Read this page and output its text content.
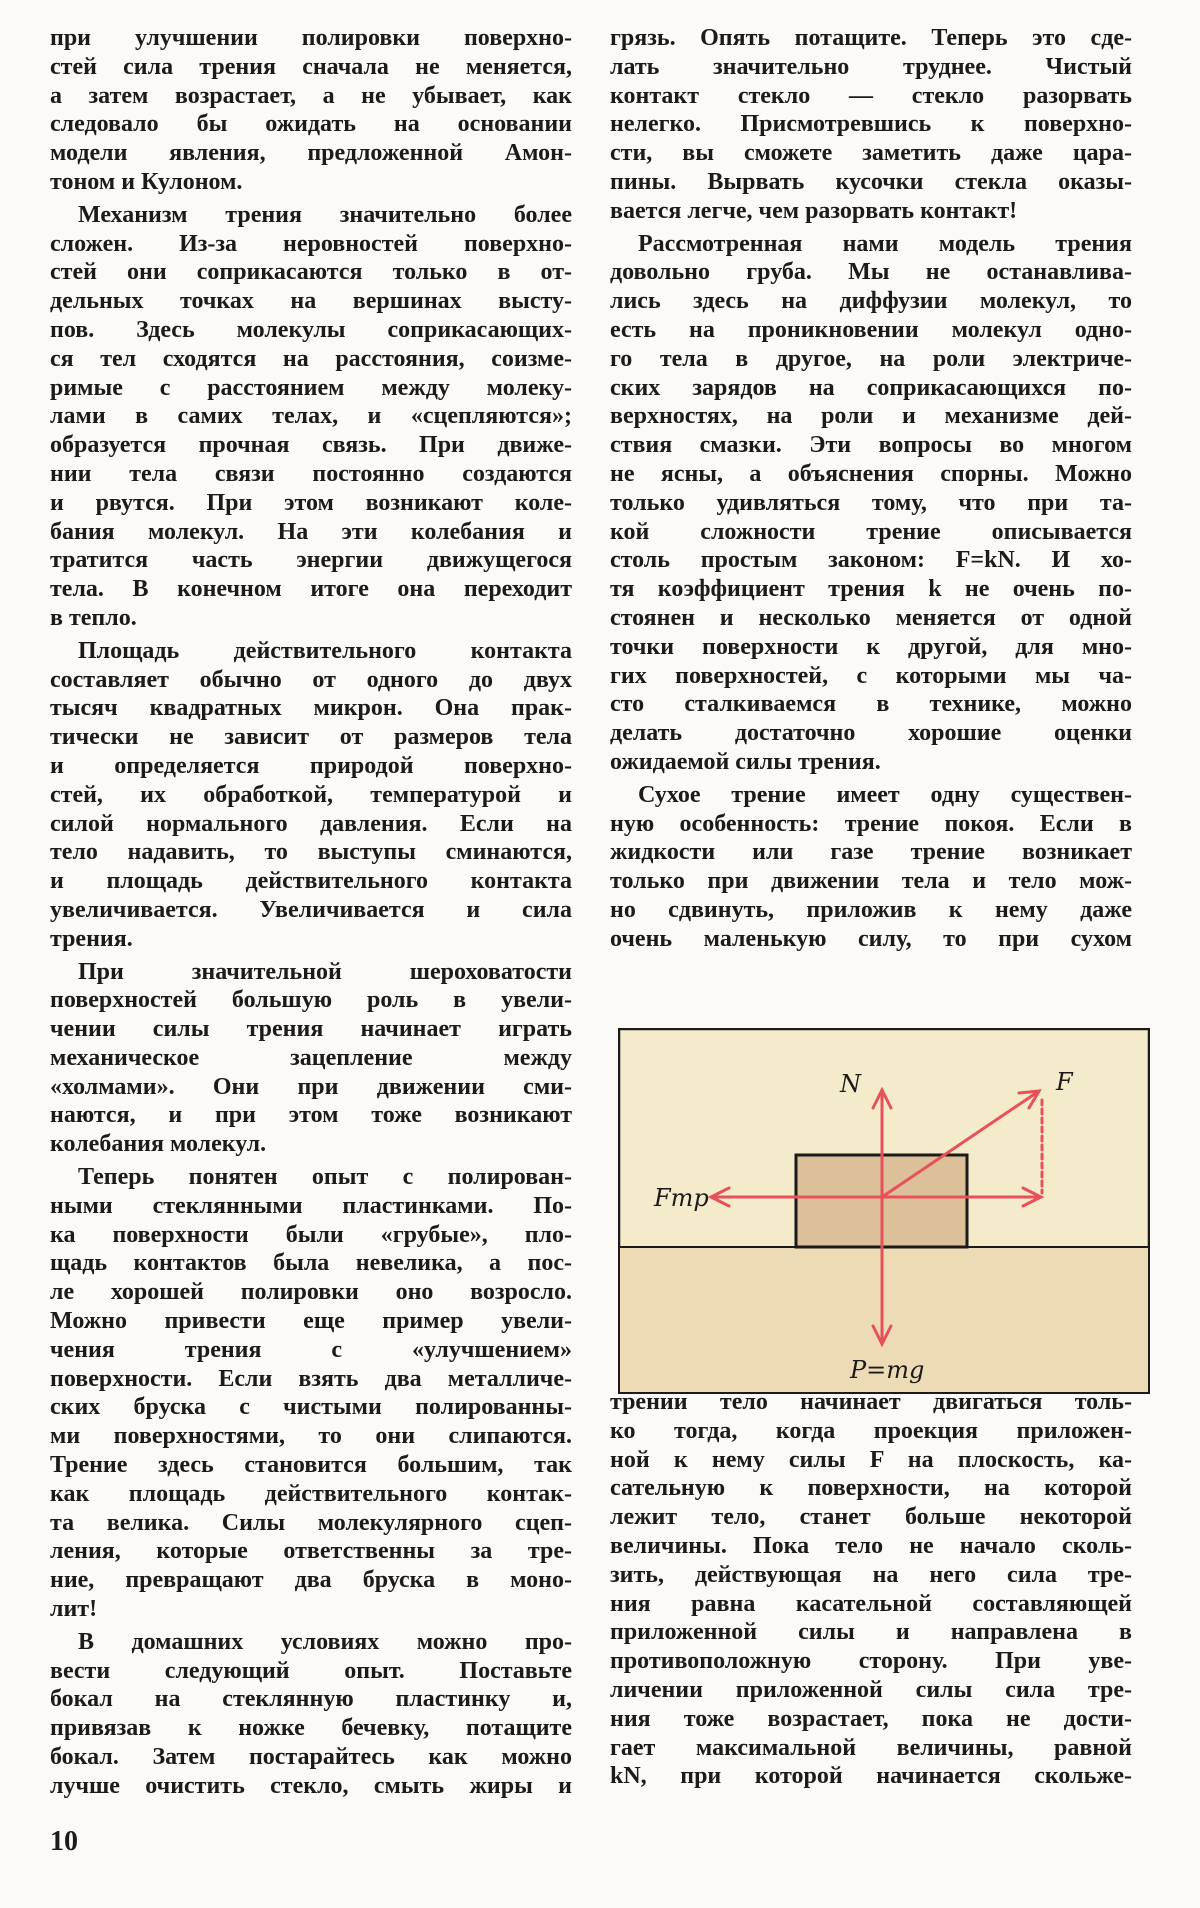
при улучшении полировки поверхно-
стей сила трения сначала не меняется,
а затем возрастает, а не убывает, как
следовало бы ожидать на основании
модели явления, предложенной Амон-
тоном и Кулоном.
Механизм трения значительно более
сложен. Из-за неровностей поверхно-
стей они соприкасаются только в от-
дельных точках на вершинах высту-
пов. Здесь молекулы соприкасающих-
ся тел сходятся на расстояния, соизме-
римые с расстоянием между молеку-
лами в самих телах, и «сцепляются»;
образуется прочная связь. При движе-
нии тела связи постоянно создаются
и рвутся. При этом возникают коле-
бания молекул. На эти колебания и
тратится часть энергии движущегося
тела. В конечном итоге она переходит
в тепло.
Площадь действительного контакта
составляет обычно от одного до двух
тысяч квадратных микрон. Она прак-
тически не зависит от размеров тела
и определяется природой поверхно-
стей, их обработкой, температурой и
силой нормального давления. Если на
тело надавить, то выступы сминаются,
и площадь действительного контакта
увеличивается. Увеличивается и сила
трения.
При значительной шероховатости
поверхностей большую роль в увели-
чении силы трения начинает играть
механическое зацепление между
«холмами». Они при движении сми-
наются, и при этом тоже возникают
колебания молекул.
Теперь понятен опыт с полирован-
ными стеклянными пластинками. По-
ка поверхности были «грубые», пло-
щадь контактов была невелика, а пос-
ле хорошей полировки оно возросло.
Можно привести еще пример увели-
чения трения с «улучшением»
поверхности. Если взять два металличе-
ских бруска с чистыми полированны-
ми поверхностями, то они слипаются.
Трение здесь становится большим, так
как площадь действительного контак-
та велика. Силы молекулярного сцеп-
ления, которые ответственны за тре-
ние, превращают два бруска в моно-
лит!
В домашних условиях можно про-
вести следующий опыт. Поставьте
бокал на стеклянную пластинку и,
привязав к ножке бечевку, потащите
бокал. Затем постарайтесь как можно
лучше очистить стекло, смыть жиры и
грязь. Опять потащите. Теперь это сде-
лать значительно труднее. Чистый
контакт стекло — стекло разорвать
нелегко. Присмотревшись к поверхно-
сти, вы сможете заметить даже цара-
пины. Вырвать кусочки стекла оказы-
вается легче, чем разорвать контакт!
Рассмотренная нами модель трения
довольно груба. Мы не останавлива-
лись здесь на диффузии молекул, то
есть на проникновении молекул одно-
го тела в другое, на роли электриче-
ских зарядов на соприкасающихся по-
верхностях, на роли и механизме дей-
ствия смазки. Эти вопросы во многом
не ясны, а объяснения спорны. Можно
только удивляться тому, что при та-
кой сложности трение описывается
столь простым законом: F=kN. И хо-
тя коэффициент трения k не очень по-
стоянен и несколько меняется от одной
точки поверхности к другой, для мно-
гих поверхностей, с которыми мы ча-
сто сталкиваемся в технике, можно
делать достаточно хорошие оценки
ожидаемой силы трения.
Сухое трение имеет одну существен-
ную особенность: трение покоя. Если в
жидкости или газе трение возникает
только при движении тела и тело мож-
но сдвинуть, приложив к нему даже
очень маленькую силу, то при сухом
N	F
Fтр
P=mg
трении тело начинает двигаться толь-
ко тогда, когда проекция приложен-
ной к нему силы F на плоскость, ка-
сательную к поверхности, на которой
лежит тело, станет больше некоторой
величины. Пока тело не начало сколь-
зить, действующая на него сила тре-
ния равна касательной составляющей
приложенной силы и направлена в
противоположную сторону. При уве-
личении приложенной силы сила тре-
ния тоже возрастает, пока не дости-
гает максимальной величины, равной
kN, при которой начинается скольже-
10
